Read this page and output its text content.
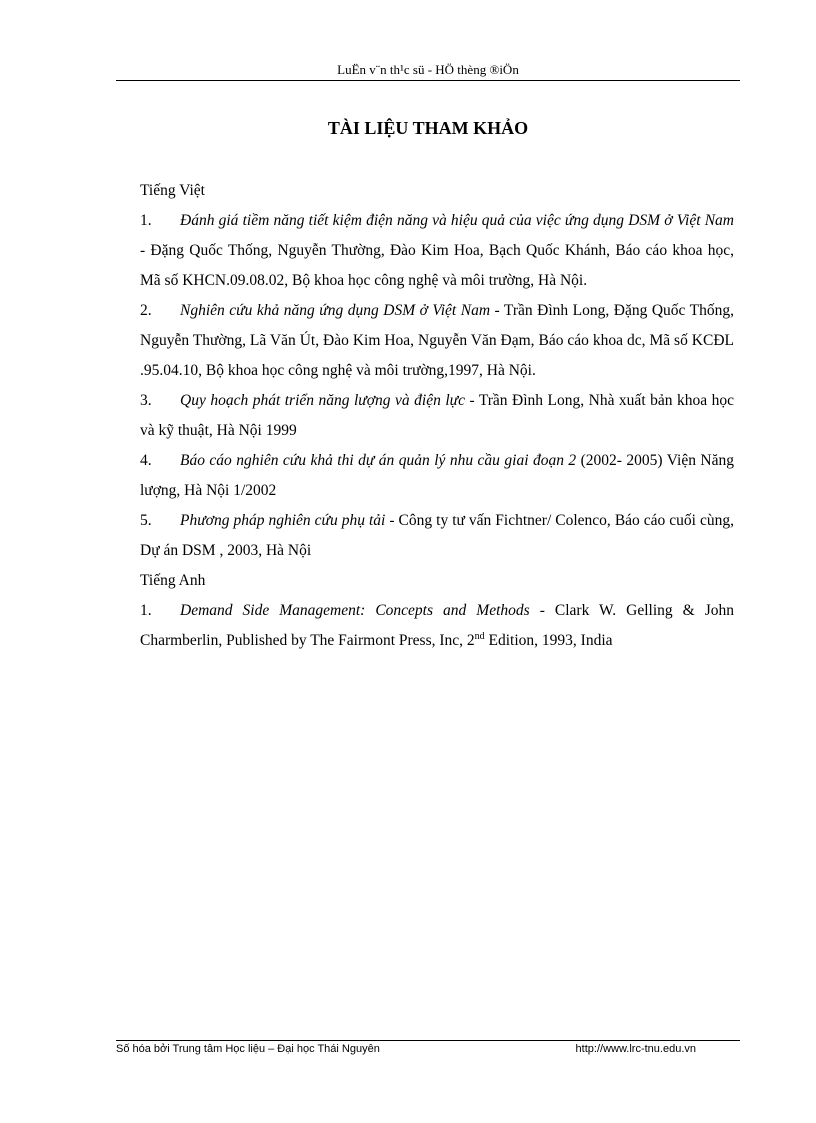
LuËn v¨n th¹c sü - HÖ thèng ®iÖn
TÀI LIỆU THAM KHẢO

Tiếng Việt

1. Đánh giá tiềm năng tiết kiệm điện năng và hiệu quả của việc ứng dụng DSM ở Việt Nam - Đặng Quốc Thống, Nguyễn Thường, Đào Kim Hoa, Bạch Quốc Khánh, Báo cáo khoa học, Mã số KHCN.09.08.02, Bộ khoa học công nghệ và môi trường, Hà Nội.

2. Nghiên cứu khả năng ứng dụng DSM ở Việt Nam - Trần Đình Long, Đặng Quốc Thống, Nguyễn Thường, Lã Văn Út, Đào Kim Hoa, Nguyễn Văn Đạm, Báo cáo khoa dc, Mã số KCĐL .95.04.10, Bộ khoa học công nghệ và môi trường,1997, Hà Nội.

3. Quy hoạch phát triển năng lượng và điện lực - Trần Đình Long, Nhà xuất bản khoa học và kỹ thuật, Hà Nội 1999

4. Báo cáo nghiên cứu khả thi dự án quản lý nhu cầu giai đoạn 2 (2002- 2005) Viện Năng lượng, Hà Nội 1/2002

5. Phương pháp nghiên cứu phụ tải - Công ty tư vấn Fichtner/ Colenco, Báo cáo cuối cùng, Dự án DSM , 2003, Hà Nội

Tiếng Anh

1. Demand Side Management: Concepts and Methods - Clark W. Gelling & John Charmberlin, Published by The Fairmont Press, Inc, 2nd Edition, 1993, India

Số hóa bởi Trung tâm Học liệu – Đại học Thái Nguyên	http://www.lrc-tnu.edu.vn
